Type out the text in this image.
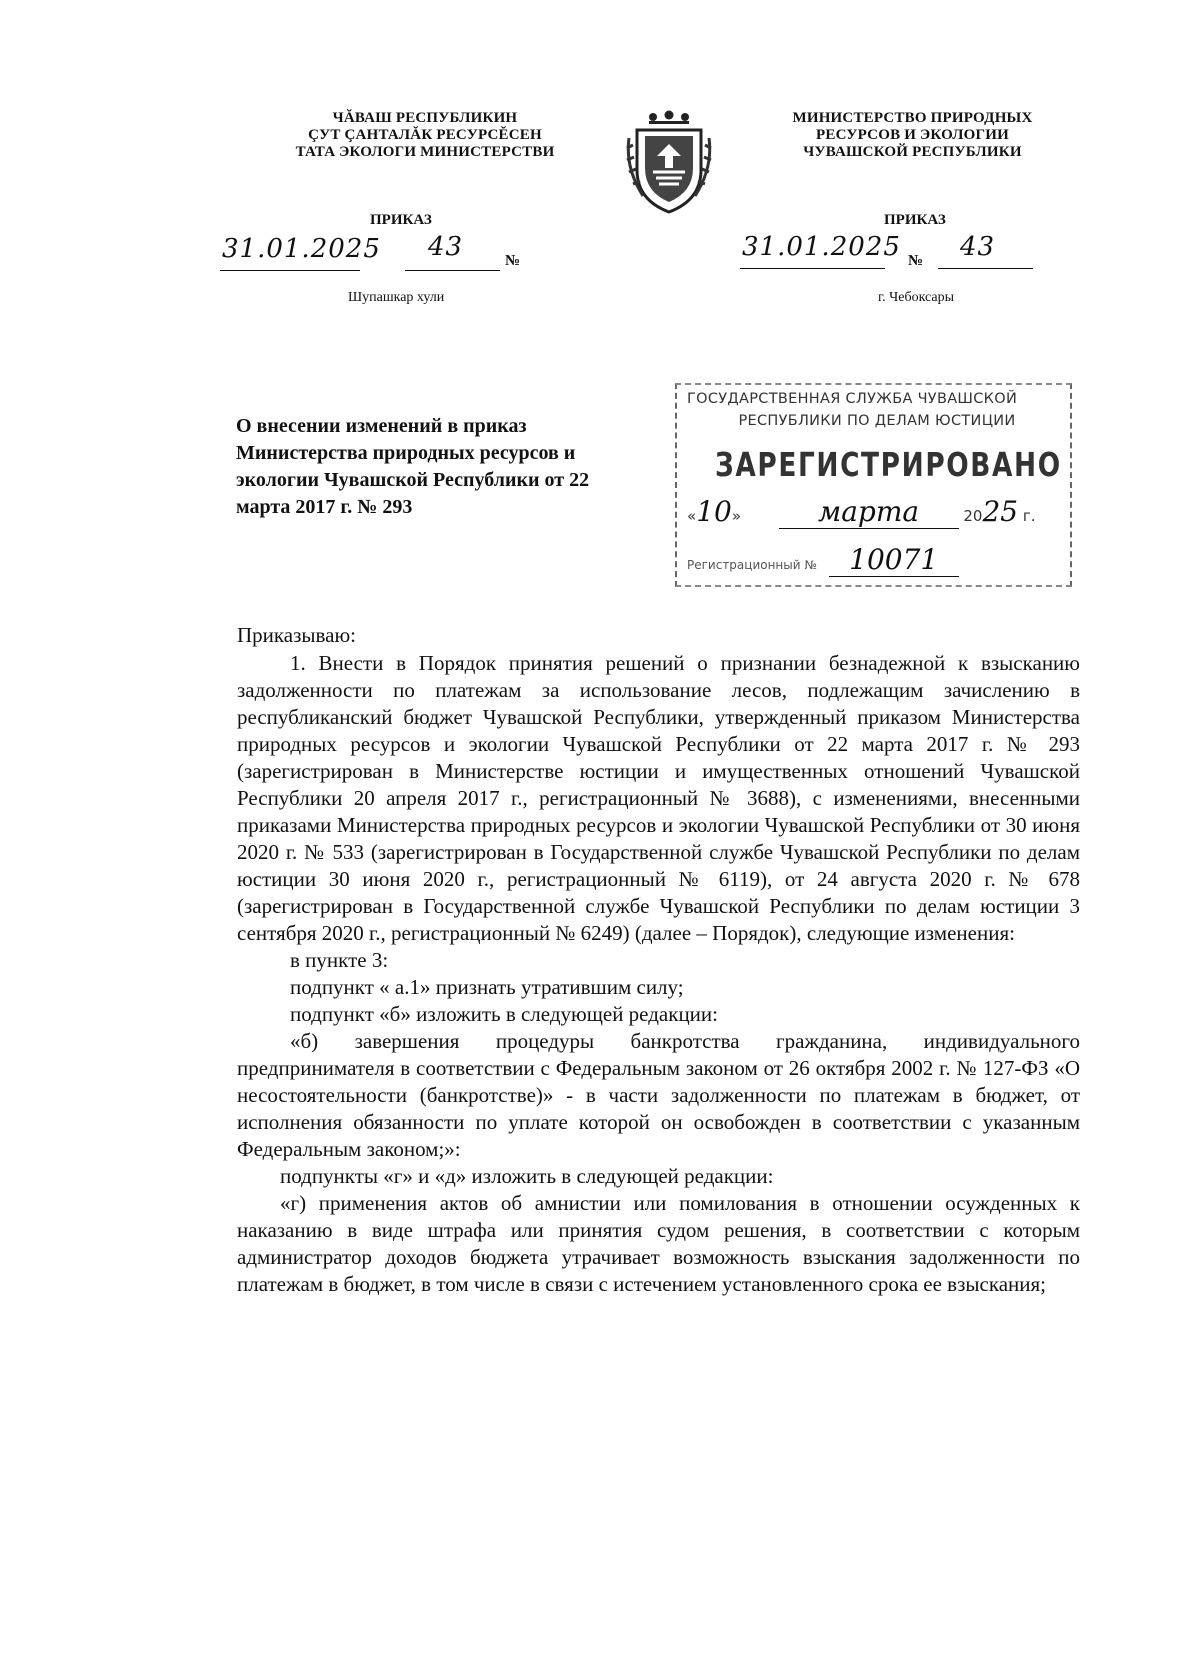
ЧĂВАШ РЕСПУБЛИКИН
ÇУТ ÇАНТАЛĂК РЕСУРСĔСЕН
ТАТА ЭКОЛОГИ МИНИСТЕРСТВИ
МИНИСТЕРСТВО ПРИРОДНЫХ
РЕСУРСОВ И ЭКОЛОГИИ
ЧУВАШСКОЙ РЕСПУБЛИКИ
ПРИКАЗ	ПРИКАЗ
31.01.2025 43	№	31.01.2025 № 43
Шупашкар хули	г. Чебоксары
О внесении изменений в приказ Министерства природных ресурсов и экологии Чувашской Республики от 22 марта 2017 г. № 293
ГОСУДАРСТВЕННАЯ СЛУЖБА ЧУВАШСКОЙ
РЕСПУБЛИКИ ПО ДЕЛАМ ЮСТИЦИИ
ЗАРЕГИСТРИРОВАНО
«10»	марта	2025 г.
Регистрационный № 10071

Приказываю:

1. Внести в Порядок принятия решений о признании безнадежной к взысканию задолженности по платежам за использование лесов, подлежащим зачислению в республиканский бюджет Чувашской Республики, утвержденный приказом Министерства природных ресурсов и экологии Чувашской Республики от 22 марта 2017 г. № 293 (зарегистрирован в Министерстве юстиции и имущественных отношений Чувашской Республики 20 апреля 2017 г., регистрационный № 3688), с изменениями, внесенными приказами Министерства природных ресурсов и экологии Чувашской Республики от 30 июня 2020 г. № 533 (зарегистрирован в Государственной службе Чувашской Республики по делам юстиции 30 июня 2020 г., регистрационный № 6119), от 24 августа 2020 г. № 678 (зарегистрирован в Государственной службе Чувашской Республики по делам юстиции 3 сентября 2020 г., регистрационный № 6249) (далее – Порядок), следующие изменения:

в пункте 3:

подпункт « а.1» признать утратившим силу;

подпункт «б» изложить в следующей редакции:

«б) завершения процедуры банкротства гражданина, индивидуального предпринимателя в соответствии с Федеральным законом от 26 октября 2002 г. № 127-ФЗ «О несостоятельности (банкротстве)» - в части задолженности по платежам в бюджет, от исполнения обязанности по уплате которой он освобожден в соответствии с указанным Федеральным законом;»:

подпункты «г» и «д» изложить в следующей редакции:

«г) применения актов об амнистии или помилования в отношении осужденных к наказанию в виде штрафа или принятия судом решения, в соответствии с которым администратор доходов бюджета утрачивает возможность взыскания задолженности по платежам в бюджет, в том числе в связи с истечением установленного срока ее взыскания;
